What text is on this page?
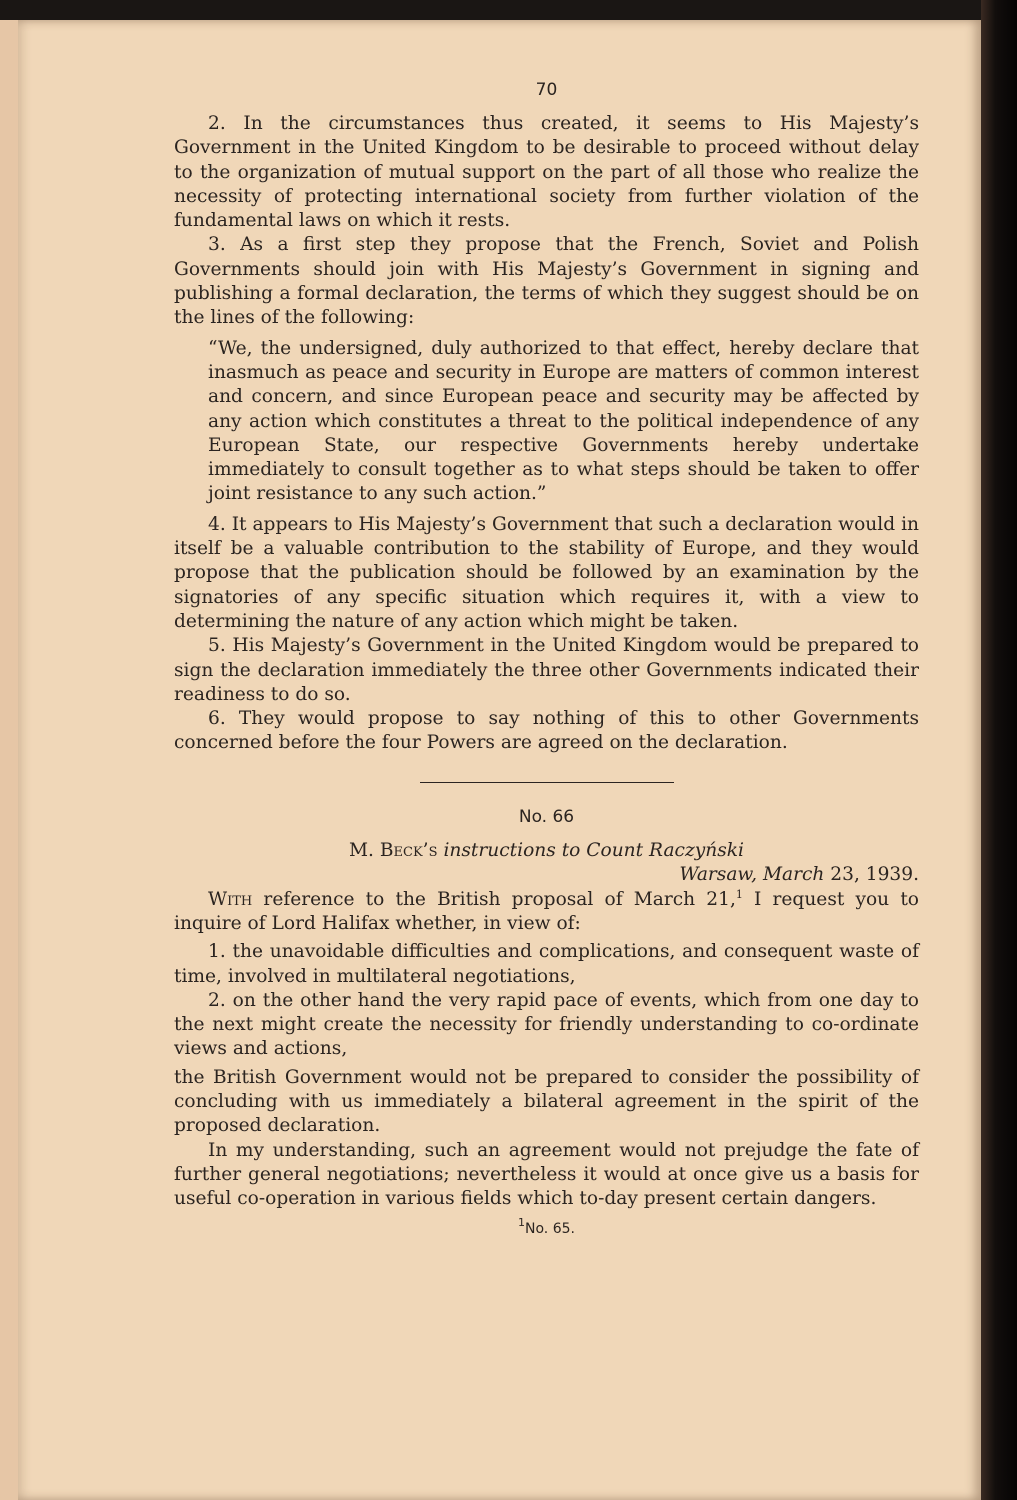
70

2. In the circumstances thus created, it seems to His Majesty’s Government in the United Kingdom to be desirable to proceed without delay to the organization of mutual support on the part of all those who realize the necessity of protecting international society from further violation of the fundamental laws on which it rests.

3. As a first step they propose that the French, Soviet and Polish Governments should join with His Majesty’s Government in signing and publishing a formal declaration, the terms of which they suggest should be on the lines of the following:

“We, the undersigned, duly authorized to that effect, hereby declare that inasmuch as peace and security in Europe are matters of common interest and concern, and since European peace and security may be affected by any action which constitutes a threat to the political independence of any European State, our respective Governments hereby undertake immediately to consult together as to what steps should be taken to offer joint resistance to any such action.”

4. It appears to His Majesty’s Government that such a declaration would in itself be a valuable contribution to the stability of Europe, and they would propose that the publication should be followed by an examination by the signatories of any specific situation which requires it, with a view to determining the nature of any action which might be taken.

5. His Majesty’s Government in the United Kingdom would be prepared to sign the declaration immediately the three other Governments indicated their readiness to do so.

6. They would propose to say nothing of this to other Governments concerned before the four Powers are agreed on the declaration.

No. 66
M. Beck’s instructions to Count Raczyński
Warsaw, March 23, 1939.

With reference to the British proposal of March 21,$^1$ I request you to inquire of Lord Halifax whether, in view of:

1. the unavoidable difficulties and complications, and consequent waste of time, involved in multilateral negotiations,

2. on the other hand the very rapid pace of events, which from one day to the next might create the necessity for friendly understanding to co-ordinate views and actions,

the British Government would not be prepared to consider the possibility of concluding with us immediately a bilateral agreement in the spirit of the proposed declaration.

In my understanding, such an agreement would not prejudge the fate of further general negotiations; nevertheless it would at once give us a basis for useful co-operation in various fields which to-day present certain dangers.

$^1$No. 65.
